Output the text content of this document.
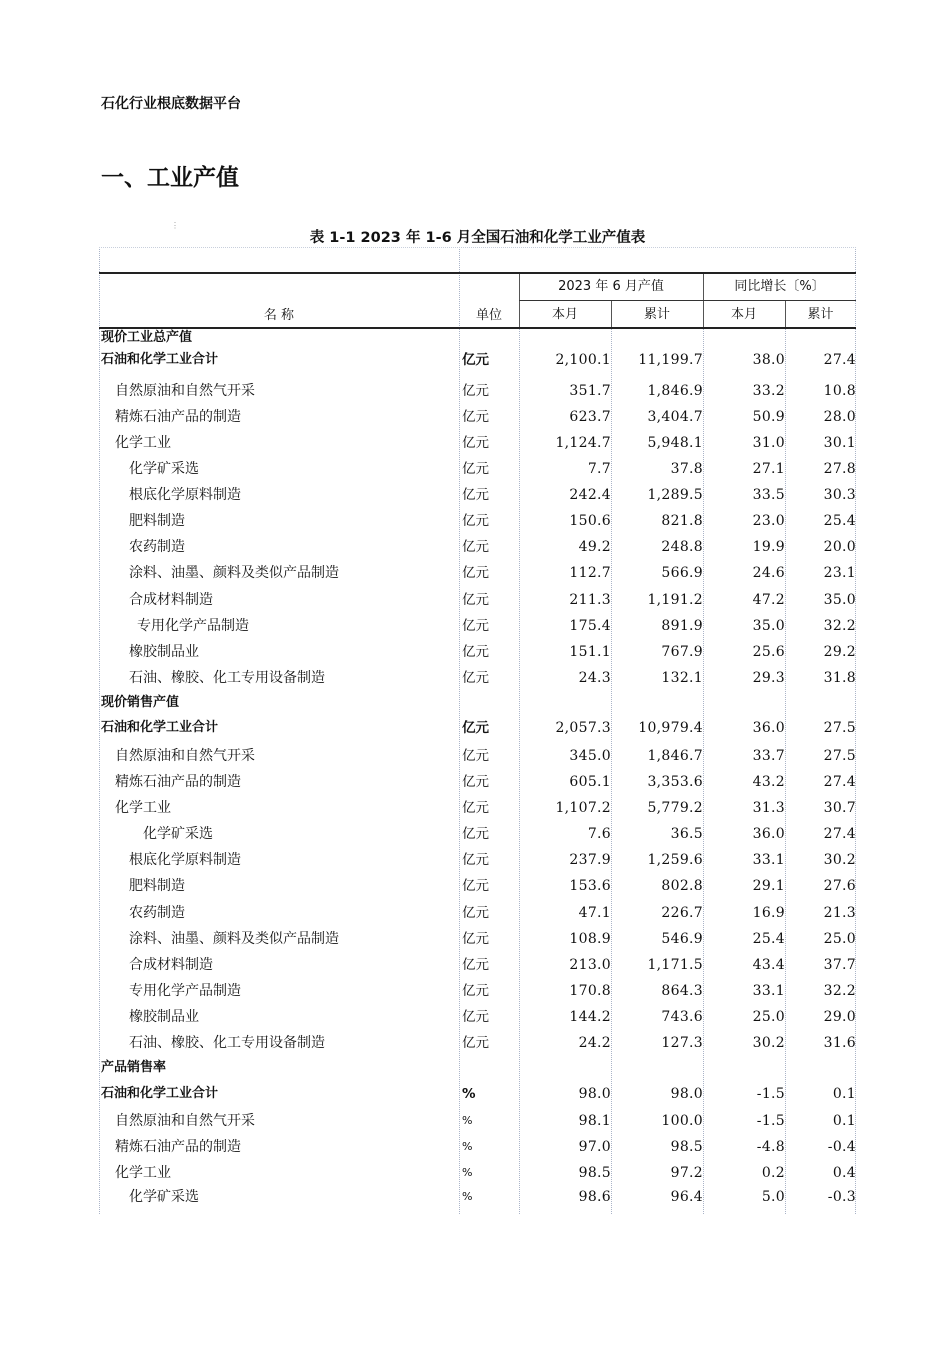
石化行业根底数据平台
一、工业产值
⋮
表 1-1 2023 年 1-6 月全国石油和化学工业产值表
名 称	单位
2023 年 6 月产值	同比增长〔%〕
本月	累计	本月	累计
现价工业总产值
石油和化学工业合计	亿元	2,100.1	11,199.7	38.0	27.4
自然原油和自然气开采	亿元	351.7	1,846.9	33.2	10.8
精炼石油产品的制造	亿元	623.7	3,404.7	50.9	28.0
化学工业	亿元	1,124.7	5,948.1	31.0	30.1
化学矿采选	亿元	7.7	37.8	27.1	27.8
根底化学原料制造	亿元	242.4	1,289.5	33.5	30.3
肥料制造	亿元	150.6	821.8	23.0	25.4
农药制造	亿元	49.2	248.8	19.9	20.0
涂料、油墨、颜料及类似产品制造	亿元	112.7	566.9	24.6	23.1
合成材料制造	亿元	211.3	1,191.2	47.2	35.0
专用化学产品制造	亿元	175.4	891.9	35.0	32.2
橡胶制品业	亿元	151.1	767.9	25.6	29.2
石油、橡胶、化工专用设备制造	亿元	24.3	132.1	29.3	31.8
现价销售产值
石油和化学工业合计	亿元	2,057.3	10,979.4	36.0	27.5
自然原油和自然气开采	亿元	345.0	1,846.7	33.7	27.5
精炼石油产品的制造	亿元	605.1	3,353.6	43.2	27.4
化学工业	亿元	1,107.2	5,779.2	31.3	30.7
化学矿采选	亿元	7.6	36.5	36.0	27.4
根底化学原料制造	亿元	237.9	1,259.6	33.1	30.2
肥料制造	亿元	153.6	802.8	29.1	27.6
农药制造	亿元	47.1	226.7	16.9	21.3
涂料、油墨、颜料及类似产品制造	亿元	108.9	546.9	25.4	25.0
合成材料制造	亿元	213.0	1,171.5	43.4	37.7
专用化学产品制造	亿元	170.8	864.3	33.1	32.2
橡胶制品业	亿元	144.2	743.6	25.0	29.0
石油、橡胶、化工专用设备制造	亿元	24.2	127.3	30.2	31.6
产品销售率
石油和化学工业合计	%	98.0	98.0	-1.5	0.1
自然原油和自然气开采	%	98.1	100.0	-1.5	0.1
精炼石油产品的制造	%	97.0	98.5	-4.8	-0.4
化学工业	%	98.5	97.2	0.2	0.4
化学矿采选	%	98.6	96.4	5.0	-0.3
